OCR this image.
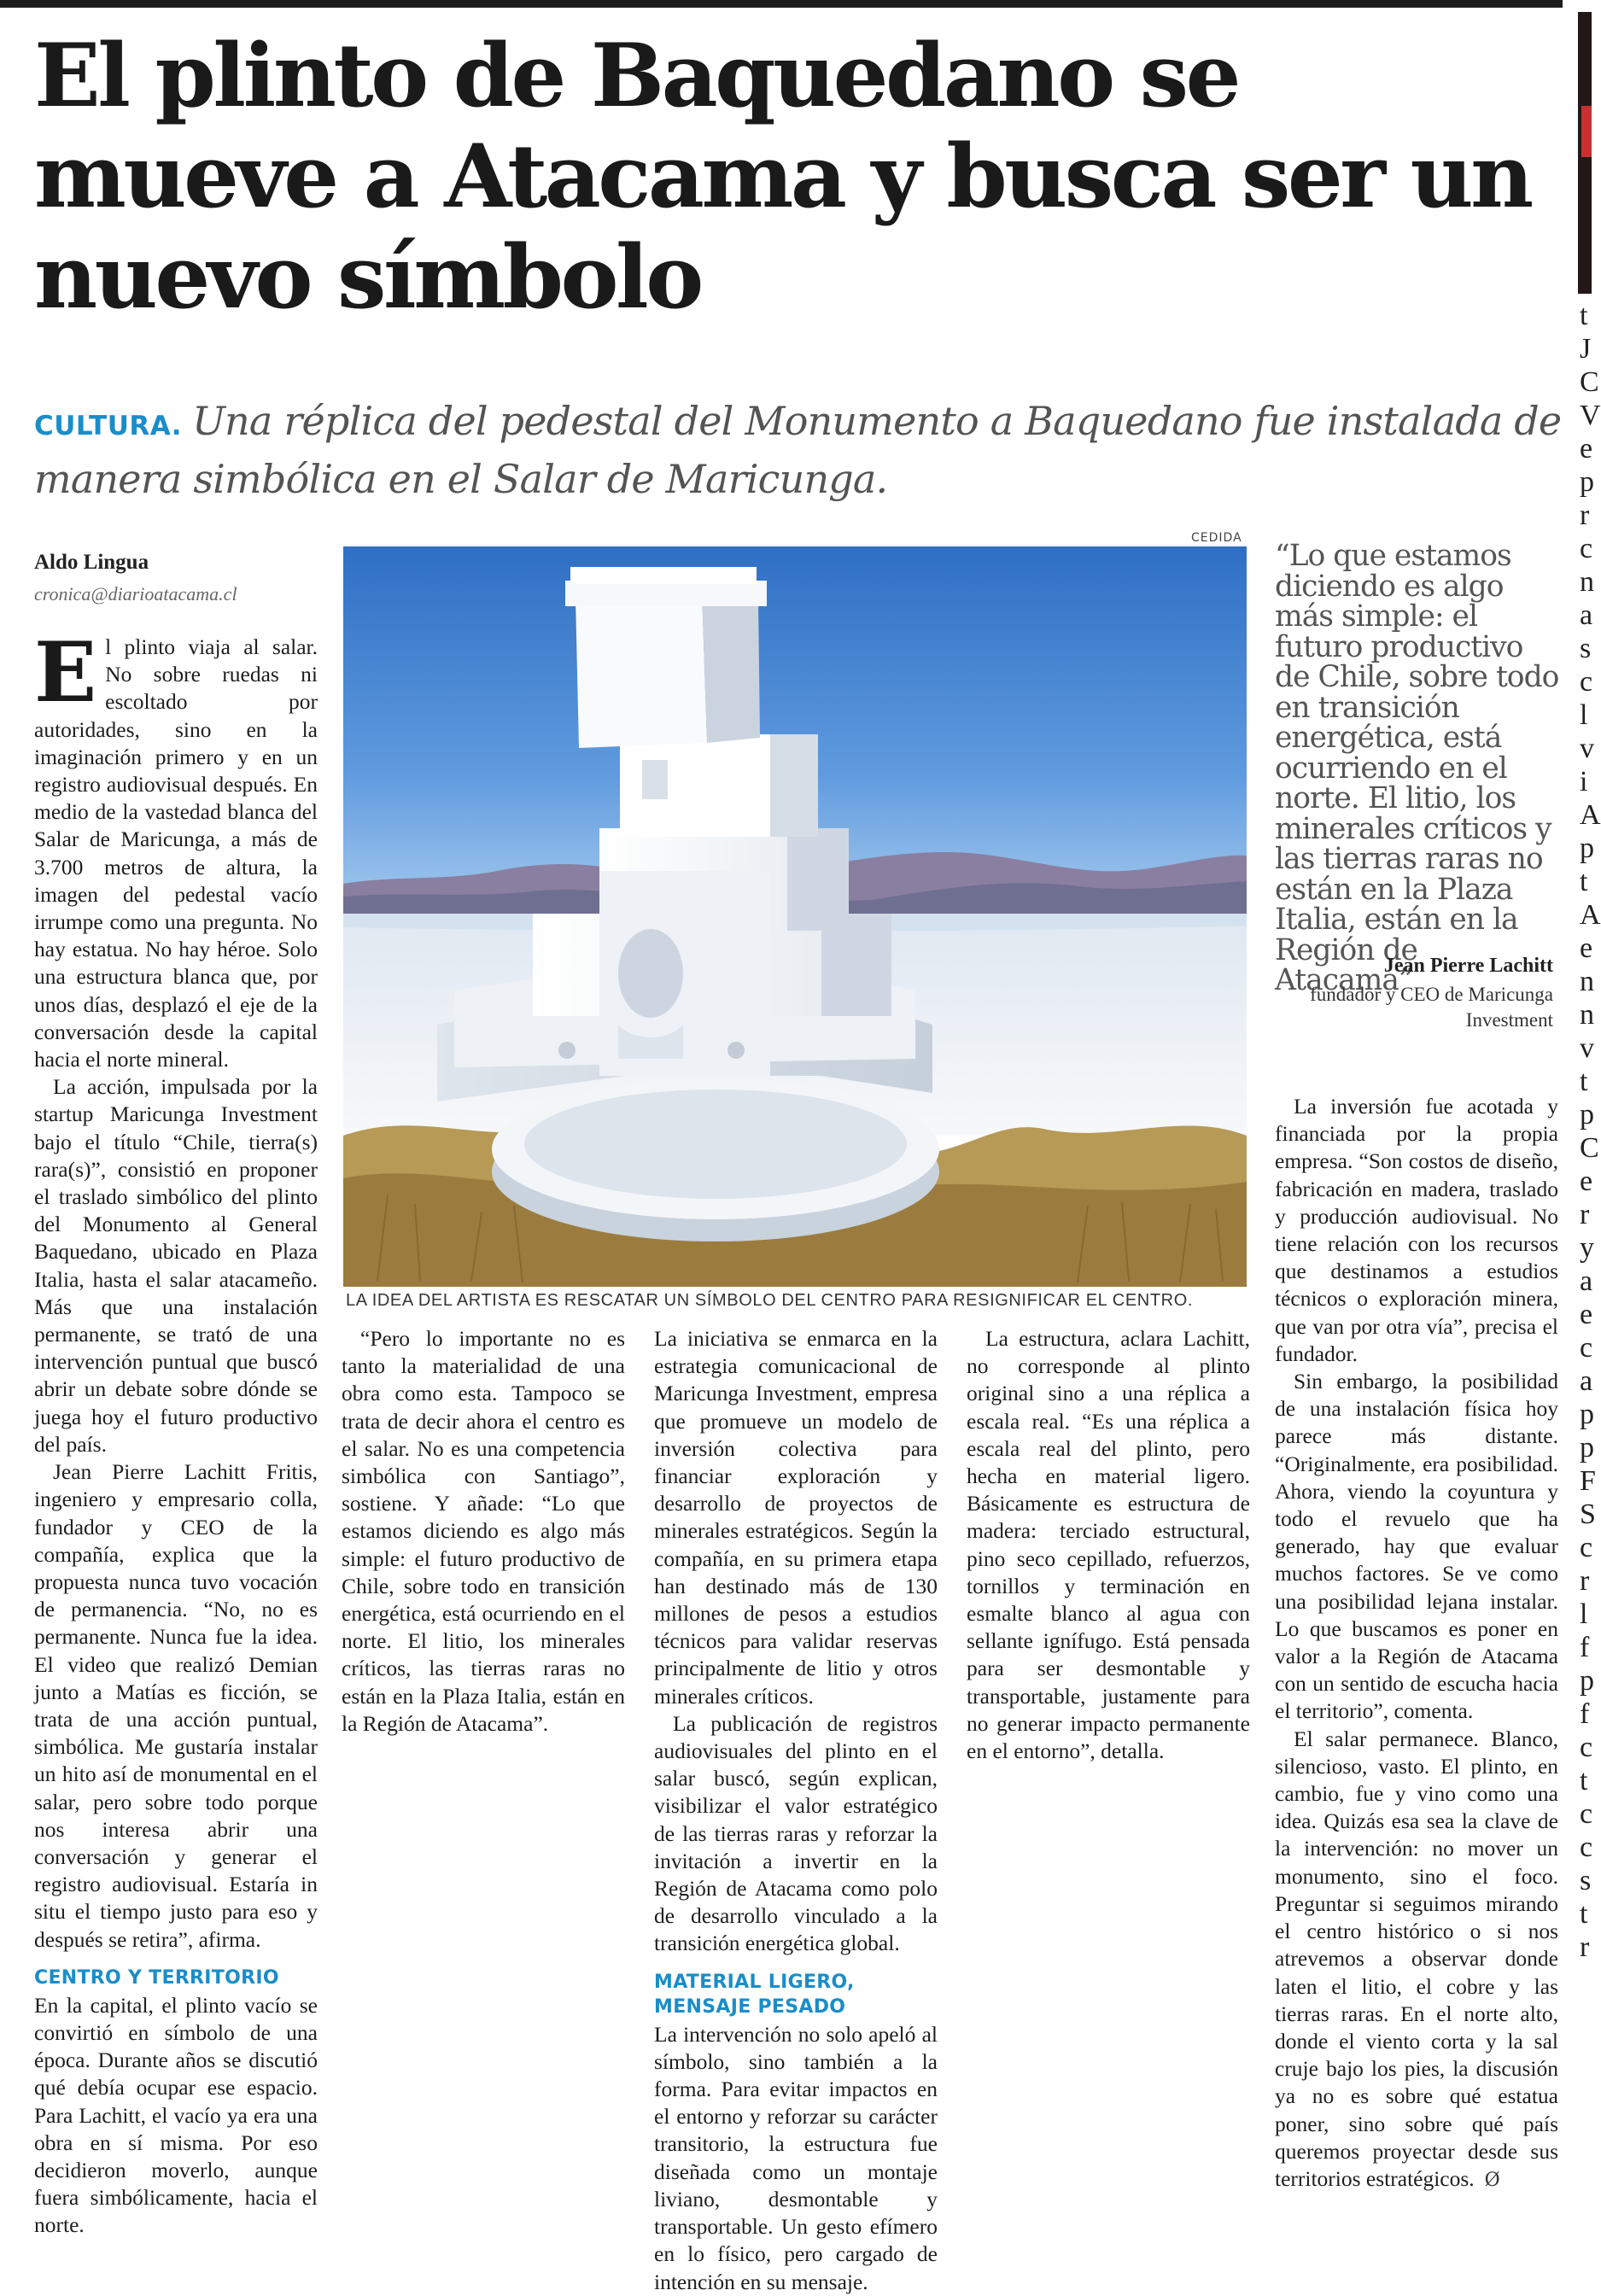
t
J
C
V
e
p
r
c
n
a
s
c
l
v
i
A
p
t
A
e
n
n
v
t
p
C
e
r
y
a
e
c
a
p
p
F
S
c
r
l
f
p
f
c
t
c
c
s
t
r
El plinto de Baquedano se mueve a Atacama y busca ser un nuevo símbolo

CULTURA. Una réplica del pedestal del Monumento a Baquedano fue instalada de manera simbólica en el Salar de Maricunga.

Aldo Lingua
cronica@diarioatacama.cl

El plinto viaja al salar. No sobre ruedas ni escoltado por autoridades, sino en la imaginación primero y en un registro audiovisual después. En medio de la vastedad blanca del Salar de Maricunga, a más de 3.700 metros de altura, la imagen del pedestal vacío irrumpe como una pregunta. No hay estatua. No hay héroe. Solo una estructura blanca que, por unos días, desplazó el eje de la conversación desde la capital hacia el norte mineral.

La acción, impulsada por la startup Maricunga Investment bajo el título “Chile, tierra(s) rara(s)”, consistió en proponer el traslado simbólico del plinto del Monumento al General Baquedano, ubicado en Plaza Italia, hasta el salar atacameño. Más que una instalación permanente, se trató de una intervención puntual que buscó abrir un debate sobre dónde se juega hoy el futuro productivo del país.

Jean Pierre Lachitt Fritis, ingeniero y empresario colla, fundador y CEO de la compañía, explica que la propuesta nunca tuvo vocación de permanencia. “No, no es permanente. Nunca fue la idea. El video que realizó Demian junto a Matías es ficción, se trata de una acción puntual, simbólica. Me gustaría instalar un hito así de monumental en el salar, pero sobre todo porque nos interesa abrir una conversación y generar el registro audiovisual. Estaría in situ el tiempo justo para eso y después se retira”, afirma.

CENTRO Y TERRITORIO

En la capital, el plinto vacío se convirtió en símbolo de una época. Durante años se discutió qué debía ocupar ese espacio. Para Lachitt, el vacío ya era una obra en sí misma. Por eso decidieron moverlo, aunque fuera simbólicamente, hacia el norte.

“Pero lo importante no es tanto la materialidad de una obra como esta. Tampoco se trata de decir ahora el centro es el salar. No es una competencia simbólica con Santiago”, sostiene. Y añade: “Lo que estamos diciendo es algo más simple: el futuro productivo de Chile, sobre todo en transición energética, está ocurriendo en el norte. El litio, los minerales críticos, las tierras raras no están en la Plaza Italia, están en la Región de Atacama”.

La iniciativa se enmarca en la estrategia comunicacional de Maricunga Investment, empresa que promueve un modelo de inversión colectiva para financiar exploración y desarrollo de proyectos de minerales estratégicos. Según la compañía, en su primera etapa han destinado más de 130 millones de pesos a estudios técnicos para validar reservas principalmente de litio y otros minerales críticos.

La publicación de registros audiovisuales del plinto en el salar buscó, según explican, visibilizar el valor estratégico de las tierras raras y reforzar la invitación a invertir en la Región de Atacama como polo de desarrollo vinculado a la transición energética global.

MATERIAL LIGERO, MENSAJE PESADO

La intervención no solo apeló al símbolo, sino también a la forma. Para evitar impactos en el entorno y reforzar su carácter transitorio, la estructura fue diseñada como un montaje liviano, desmontable y transportable. Un gesto efímero en lo físico, pero cargado de intención en su mensaje.

La estructura, aclara Lachitt, no corresponde al plinto original sino a una réplica a escala real. “Es una réplica a escala real del plinto, pero hecha en material ligero. Básicamente es estructura de madera: terciado estructural, pino seco cepillado, refuerzos, tornillos y terminación en esmalte blanco al agua con sellante ignífugo. Está pensada para ser desmontable y transportable, justamente para no generar impacto permanente en el entorno”, detalla.

La inversión fue acotada y financiada por la propia empresa. “Son costos de diseño, fabricación en madera, traslado y producción audiovisual. No tiene relación con los recursos que destinamos a estudios técnicos o exploración minera, que van por otra vía”, precisa el fundador.

Sin embargo, la posibilidad de una instalación física hoy parece más distante. “Originalmente, era posibilidad. Ahora, viendo la coyuntura y todo el revuelo que ha generado, hay que evaluar muchos factores. Se ve como una posibilidad lejana instalar. Lo que buscamos es poner en valor a la Región de Atacama con un sentido de escucha hacia el territorio”, comenta.

El salar permanece. Blanco, silencioso, vasto. El plinto, en cambio, fue y vino como una idea. Quizás esa sea la clave de la intervención: no mover un monumento, sino el foco. Preguntar si seguimos mirando el centro histórico o si nos atrevemos a observar donde laten el litio, el cobre y las tierras raras. En el norte alto, donde el viento corta y la sal cruje bajo los pies, la discusión ya no es sobre qué estatua poner, sino sobre qué país queremos proyectar desde sus territorios estratégicos. Ø

CEDIDA
LA IDEA DEL ARTISTA ES RESCATAR UN SÍMBOLO DEL CENTRO PARA RESIGNIFICAR EL CENTRO.
“Lo que estamos diciendo es algo más simple: el futuro productivo de Chile, sobre todo en transición energética, está ocurriendo en el norte. El litio, los minerales críticos y las tierras raras no están en la Plaza Italia, están en la Región de Atacama”
Jean Pierre Lachitt
fundador y CEO de Maricunga Investment
